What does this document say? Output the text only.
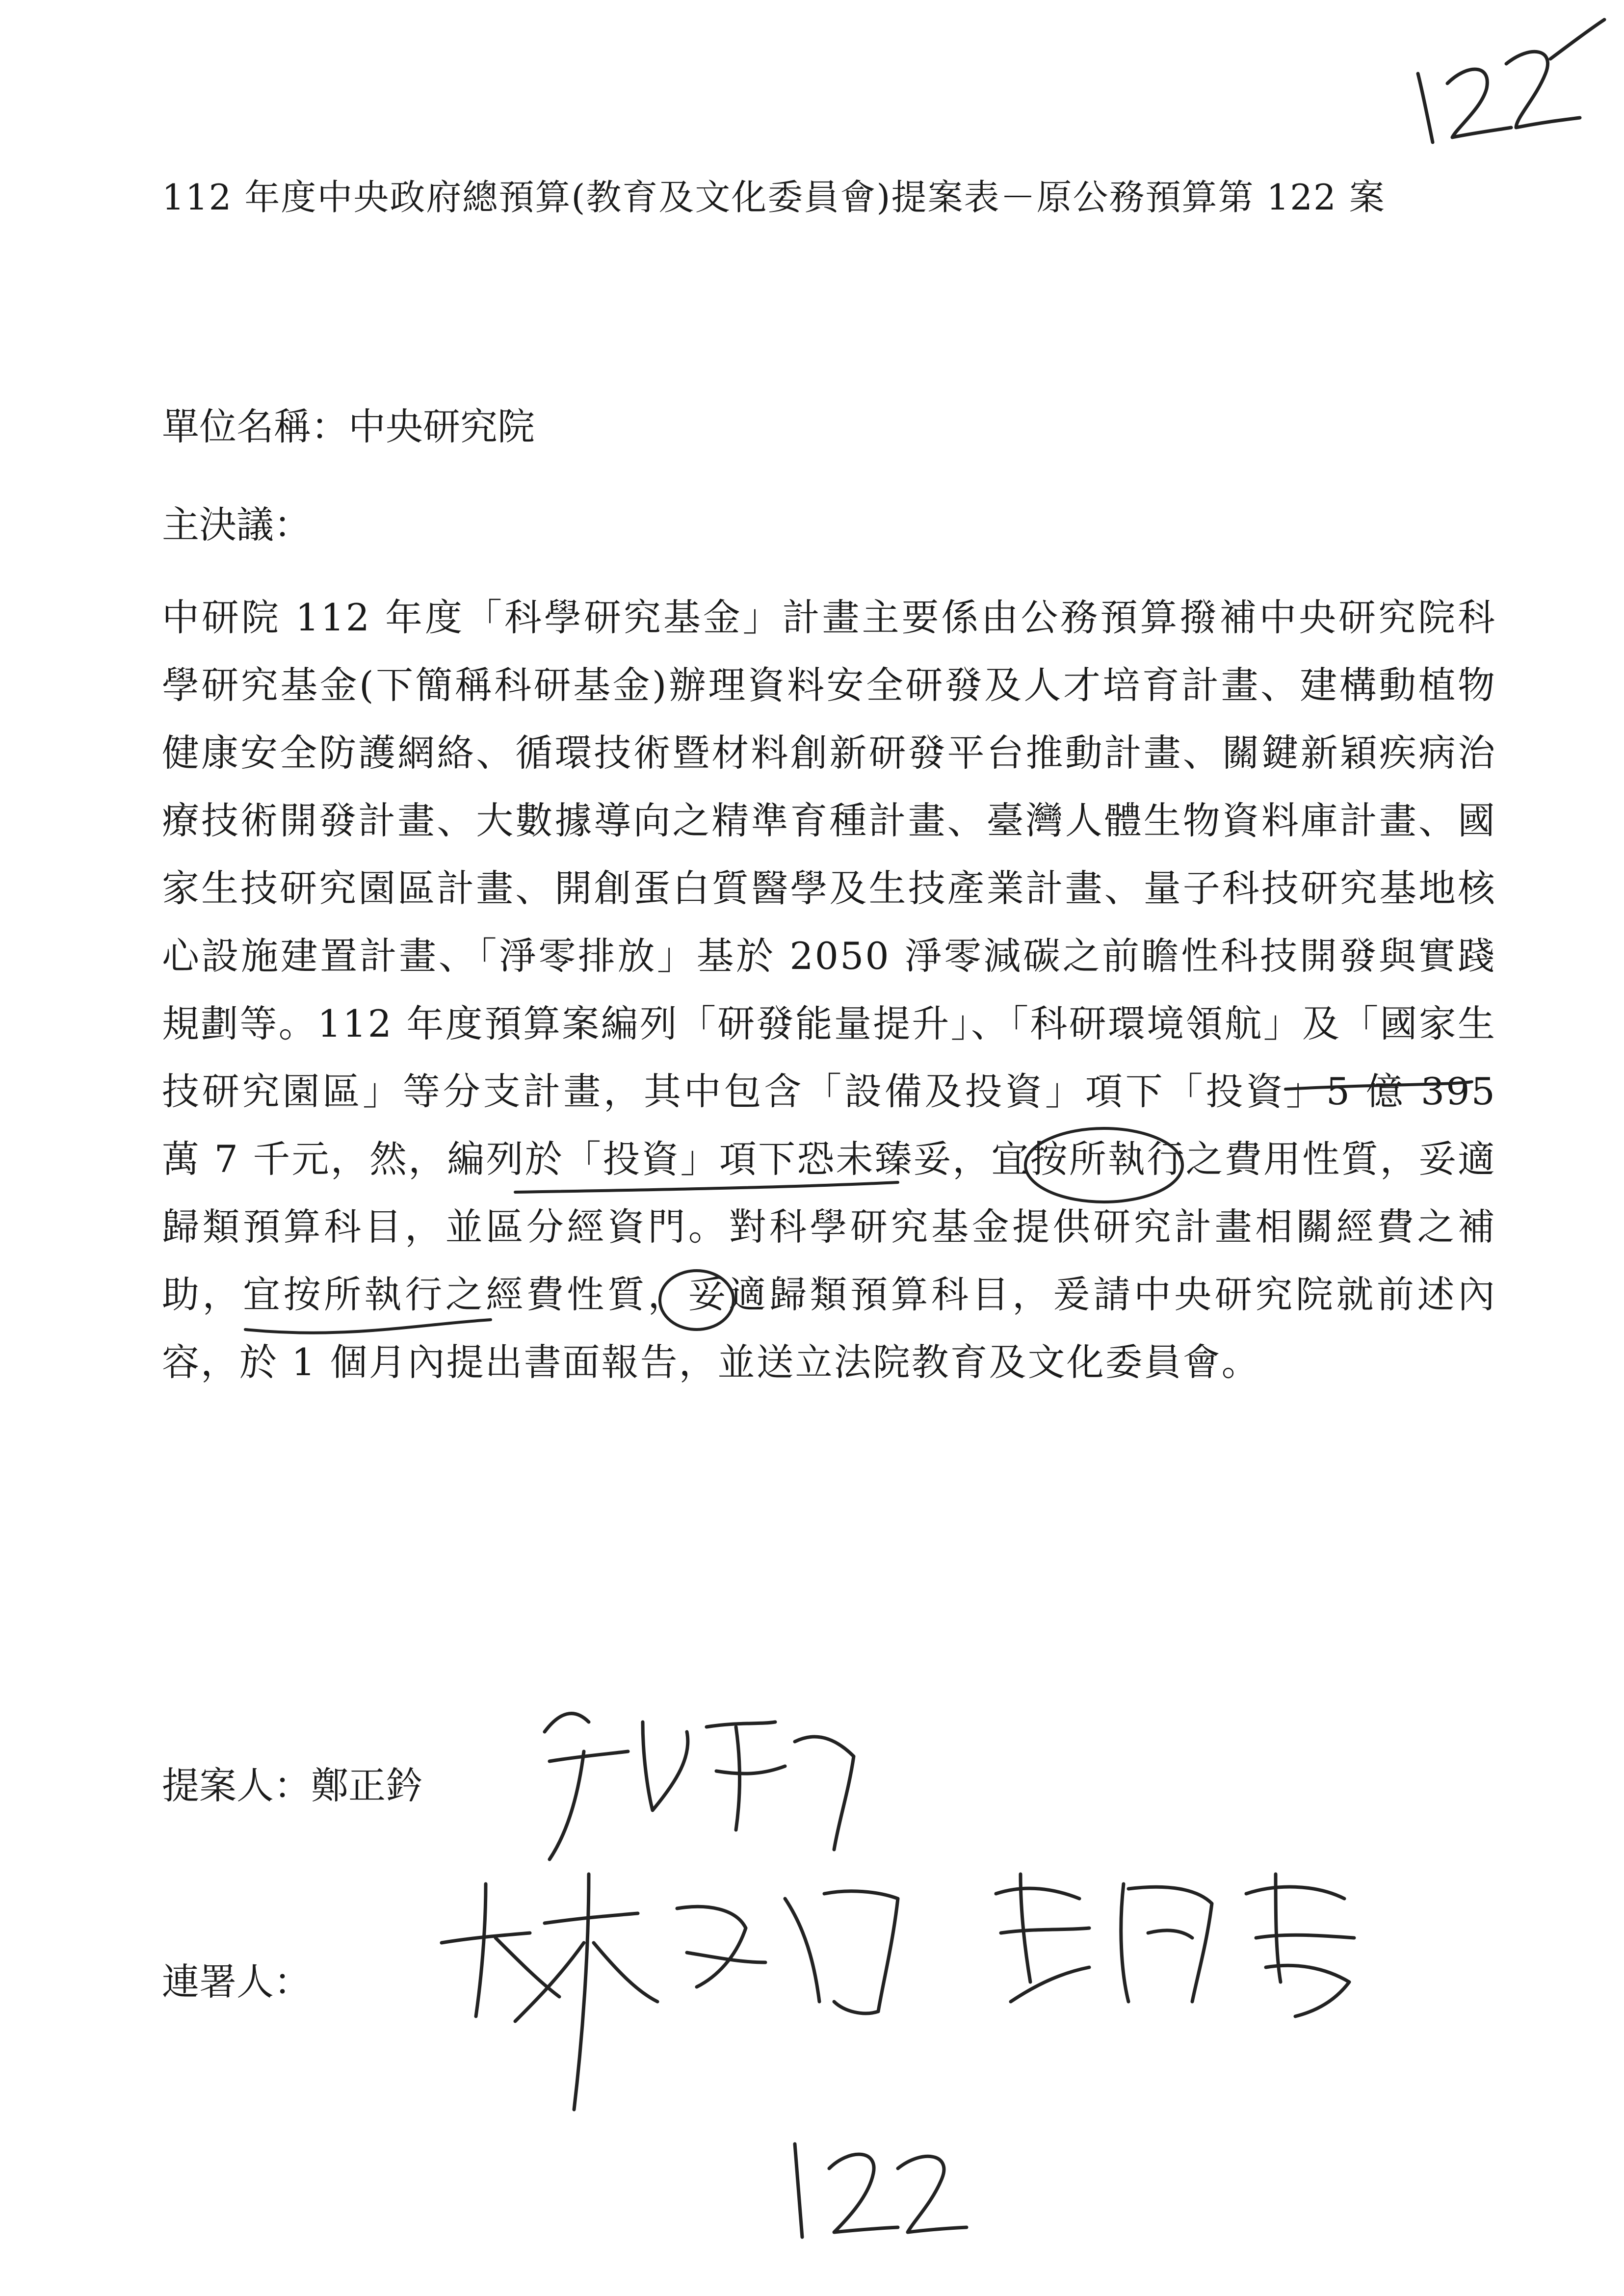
112 年度中央政府總預算(教育及文化委員會)提案表－原公務預算第 122 案
單位名稱：中央研究院
主決議：
中研院 112 年度「科學研究基金」計畫主要係由公務預算撥補中央研究院科學研究基金(下簡稱科研基金)辦理資料安全研發及人才培育計畫、建構動植物健康安全防護網絡、循環技術暨材料創新研發平台推動計畫、關鍵新穎疾病治療技術開發計畫、大數據導向之精準育種計畫、臺灣人體生物資料庫計畫、國家生技研究園區計畫、開創蛋白質醫學及生技產業計畫、量子科技研究基地核心設施建置計畫、「淨零排放」基於 2050 淨零減碳之前瞻性科技開發與實踐規劃等。112 年度預算案編列「研發能量提升」、「科研環境領航」及「國家生技研究園區」等分支計畫，其中包含「設備及投資」項下「投資」5 億 395 萬 7 千元，然，編列於「投資」項下恐未臻妥，宜按所執行之費用性質，妥適歸類預算科目，並區分經資門。對科學研究基金提供研究計畫相關經費之補助，宜按所執行之經費性質，妥適歸類預算科目，爰請中央研究院就前述內容，於 1 個月內提出書面報告，並送立法院教育及文化委員會。
提案人：鄭正鈐
連署人：
